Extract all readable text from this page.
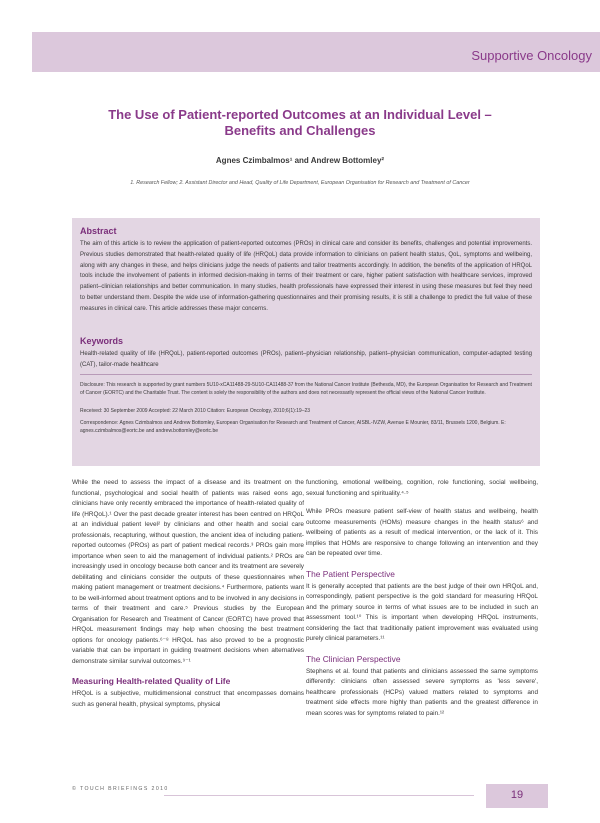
Supportive Oncology
The Use of Patient-reported Outcomes at an Individual Level –
Benefits and Challenges
Agnes Czimbalmos¹ and Andrew Bottomley²
1. Research Fellow; 2. Assistant Director and Head, Quality of Life Department, European Organisation for Research and Treatment of Cancer
Abstract
The aim of this article is to review the application of patient-reported outcomes (PROs) in clinical care and consider its benefits, challenges and potential improvements. Previous studies demonstrated that health-related quality of life (HRQoL) data provide information to clinicians on patient health status, QoL, symptoms and wellbeing, along with any changes in these, and helps clinicians judge the needs of patients and tailor treatments accordingly. In addition, the benefits of the application of HRQoL tools include the involvement of patients in informed decision-making in terms of their treatment or care, higher patient satisfaction with healthcare services, improved patient–clinician relationships and better communication. In many studies, health professionals have expressed their interest in using these measures but feel they need to better understand them. Despite the wide use of information-gathering questionnaires and their promising results, it is still a challenge to predict the full value of these measures in clinical care. This article addresses these major concerns.
Keywords
Health-related quality of life (HRQoL), patient-reported outcomes (PROs), patient–physician relationship, patient–physician communication, computer-adapted testing (CAT), tailor-made healthcare
Disclosure: This research is supported by grant numbers 5U10-xCA11488-29-5U10-CA11488-37 from the National Cancer Institute (Bethesda, MD), the European Organisation for Research and Treatment of Cancer (EORTC) and the Charitable Trust. The content is solely the responsibility of the authors and does not necessarily represent the official views of the National Cancer Institute.
Received: 30 September 2009 Accepted: 22 March 2010 Citation: European Oncology, 2010;6(1):19–23
Correspondence: Agnes Czimbalmos and Andrew Bottomley, European Organisation for Research and Treatment of Cancer, AISBL-IVZW, Avenue E Mounier, 83/11, Brussels 1200, Belgium. E: agnes.czimbalmos@eortc.be and andrew.bottomley@eortc.be

While the need to assess the impact of a disease and its treatment on the functional, psychological and social health of patients was raised eons ago, clinicians have only recently embraced the importance of health-related quality of life (HRQoL).¹ Over the past decade greater interest has been centred on HRQoL at an individual patient level² by clinicians and other health and social care professionals, recapturing, without question, the ancient idea of including patient-reported outcomes (PROs) as part of patient medical records.³ PROs gain more importance when seen to aid the management of individual patients.² PROs are increasingly used in oncology because both cancer and its treatment are severely debilitating and clinicians consider the outputs of these questionnaires when making patient management or treatment decisions.⁴ Furthermore, patients want to be well-informed about treatment options and to be involved in any decisions in terms of their treatment and care.⁵ Previous studies by the European Organisation for Research and Treatment of Cancer (EORTC) have proved that HRQoL measurement findings may help when choosing the best treatment options for oncology patients.⁶⁻⁸ HRQoL has also proved to be a prognostic variable that can be important in guiding treatment decisions when alternatives demonstrate similar survival outcomes.⁹⁻¹

Measuring Health-related Quality of Life

HRQoL is a subjective, multidimensional construct that encompasses domains such as general health, physical symptoms, physical

functioning, emotional wellbeing, cognition, role functioning, social wellbeing, sexual functioning and spirituality.⁴·⁵

While PROs measure patient self-view of health status and wellbeing, health outcome measurements (HOMs) measure changes in the health status⁶ and wellbeing of patients as a result of medical intervention, or the lack of it. This implies that HOMs are responsive to change following an intervention and they can be repeated over time.

The Patient Perspective

It is generally accepted that patients are the best judge of their own HRQoL and, correspondingly, patient perspective is the gold standard for measuring HRQoL and the primary source in terms of what issues are to be included in such an assessment tool.¹⁰ This is important when developing HRQoL instruments, considering the fact that traditionally patient improvement was evaluated using purely clinical parameters.¹¹

The Clinician Perspective

Stephens et al. found that patients and clinicians assessed the same symptoms differently: clinicians often assessed severe symptoms as 'less severe', healthcare professionals (HCPs) valued matters related to symptoms and treatment side effects more highly than patients and the greatest difference in mean scores was for symptoms related to pain.¹²

© TOUCH BRIEFINGS 2010	19
